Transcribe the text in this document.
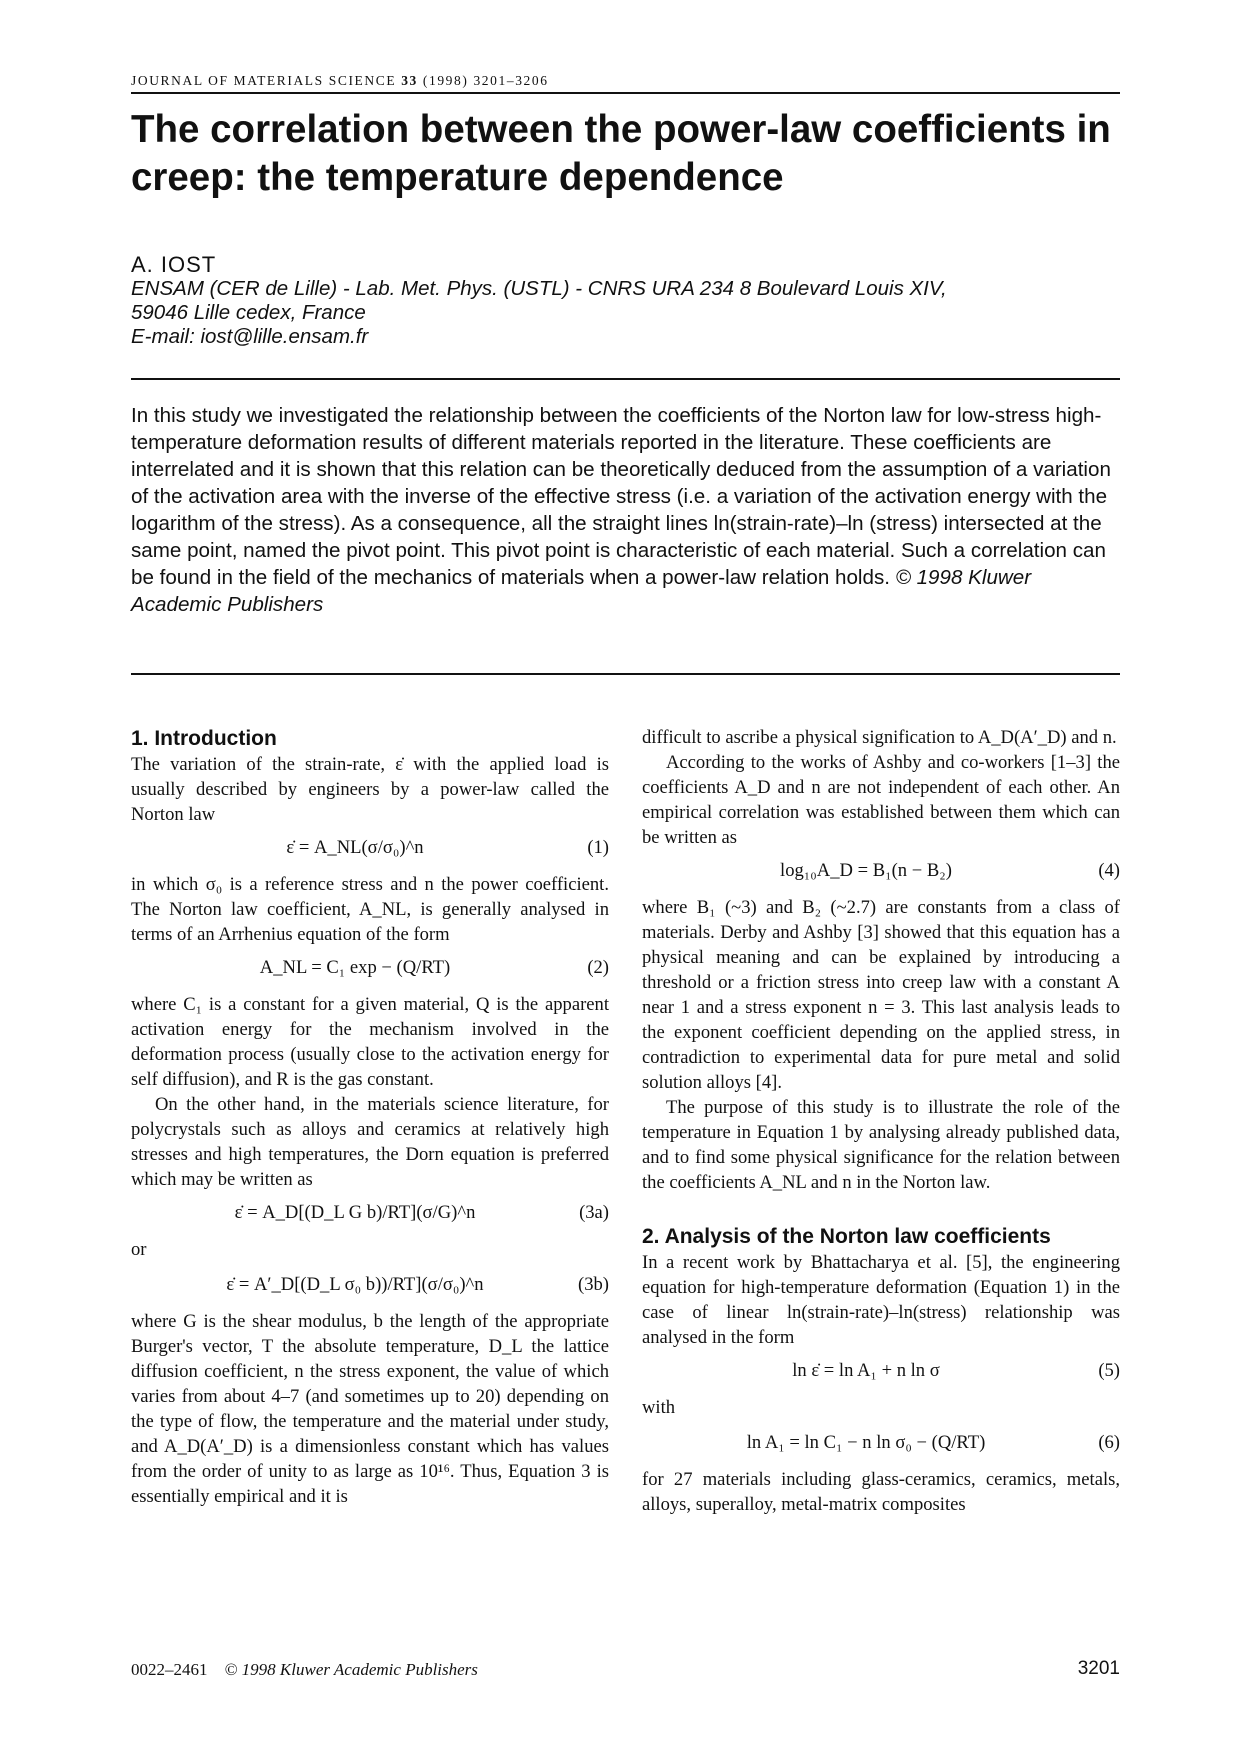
JOURNAL OF MATERIALS SCIENCE 33 (1998) 3201–3206
The correlation between the power-law coefficients in creep: the temperature dependence
A. IOST
ENSAM (CER de Lille) - Lab. Met. Phys. (USTL) - CNRS URA 234 8 Boulevard Louis XIV,
59046 Lille cedex, France
E-mail: iost@lille.ensam.fr

In this study we investigated the relationship between the coefficients of the Norton law for low-stress high-temperature deformation results of different materials reported in the literature. These coefficients are interrelated and it is shown that this relation can be theoretically deduced from the assumption of a variation of the activation area with the inverse of the effective stress (i.e. a variation of the activation energy with the logarithm of the stress). As a consequence, all the straight lines ln(strain-rate)–ln (stress) intersected at the same point, named the pivot point. This pivot point is characteristic of each material. Such a correlation can be found in the field of the mechanics of materials when a power-law relation holds. © 1998 Kluwer Academic Publishers

1. Introduction

The variation of the strain-rate, ε̇ with the applied load is usually described by engineers by a power-law called the Norton law

ε̇ = A_NL(σ/σ₀)^n	(1)

in which σ₀ is a reference stress and n the power coefficient. The Norton law coefficient, A_NL, is generally analysed in terms of an Arrhenius equation of the form

A_NL = C₁ exp − (Q/RT)	(2)

where C₁ is a constant for a given material, Q is the apparent activation energy for the mechanism involved in the deformation process (usually close to the activation energy for self diffusion), and R is the gas constant.

On the other hand, in the materials science literature, for polycrystals such as alloys and ceramics at relatively high stresses and high temperatures, the Dorn equation is preferred which may be written as

ε̇ = A_D[(D_L G b)/RT](σ/G)^n	(3a)
or
ε̇ = A′_D[(D_L σ₀ b))/RT](σ/σ₀)^n	(3b)

where G is the shear modulus, b the length of the appropriate Burger's vector, T the absolute temperature, D_L the lattice diffusion coefficient, n the stress exponent, the value of which varies from about 4–7 (and sometimes up to 20) depending on the type of flow, the temperature and the material under study, and A_D(A′_D) is a dimensionless constant which has values from the order of unity to as large as 10¹⁶. Thus, Equation 3 is essentially empirical and it is

difficult to ascribe a physical signification to A_D(A′_D) and n.

According to the works of Ashby and co-workers [1–3] the coefficients A_D and n are not independent of each other. An empirical correlation was established between them which can be written as

log₁₀A_D = B₁(n − B₂)	(4)

where B₁ (~3) and B₂ (~2.7) are constants from a class of materials. Derby and Ashby [3] showed that this equation has a physical meaning and can be explained by introducing a threshold or a friction stress into creep law with a constant A near 1 and a stress exponent n = 3. This last analysis leads to the exponent coefficient depending on the applied stress, in contradiction to experimental data for pure metal and solid solution alloys [4].

The purpose of this study is to illustrate the role of the temperature in Equation 1 by analysing already published data, and to find some physical significance for the relation between the coefficients A_NL and n in the Norton law.

2. Analysis of the Norton law coefficients

In a recent work by Bhattacharya et al. [5], the engineering equation for high-temperature deformation (Equation 1) in the case of linear ln(strain-rate)–ln(stress) relationship was analysed in the form

ln ε̇ = ln A₁ + n ln σ	(5)
with
ln A₁ = ln C₁ − n ln σ₀ − (Q/RT)	(6)

for 27 materials including glass-ceramics, ceramics, metals, alloys, superalloy, metal-matrix composites

0022–2461 © 1998 Kluwer Academic Publishers	3201
